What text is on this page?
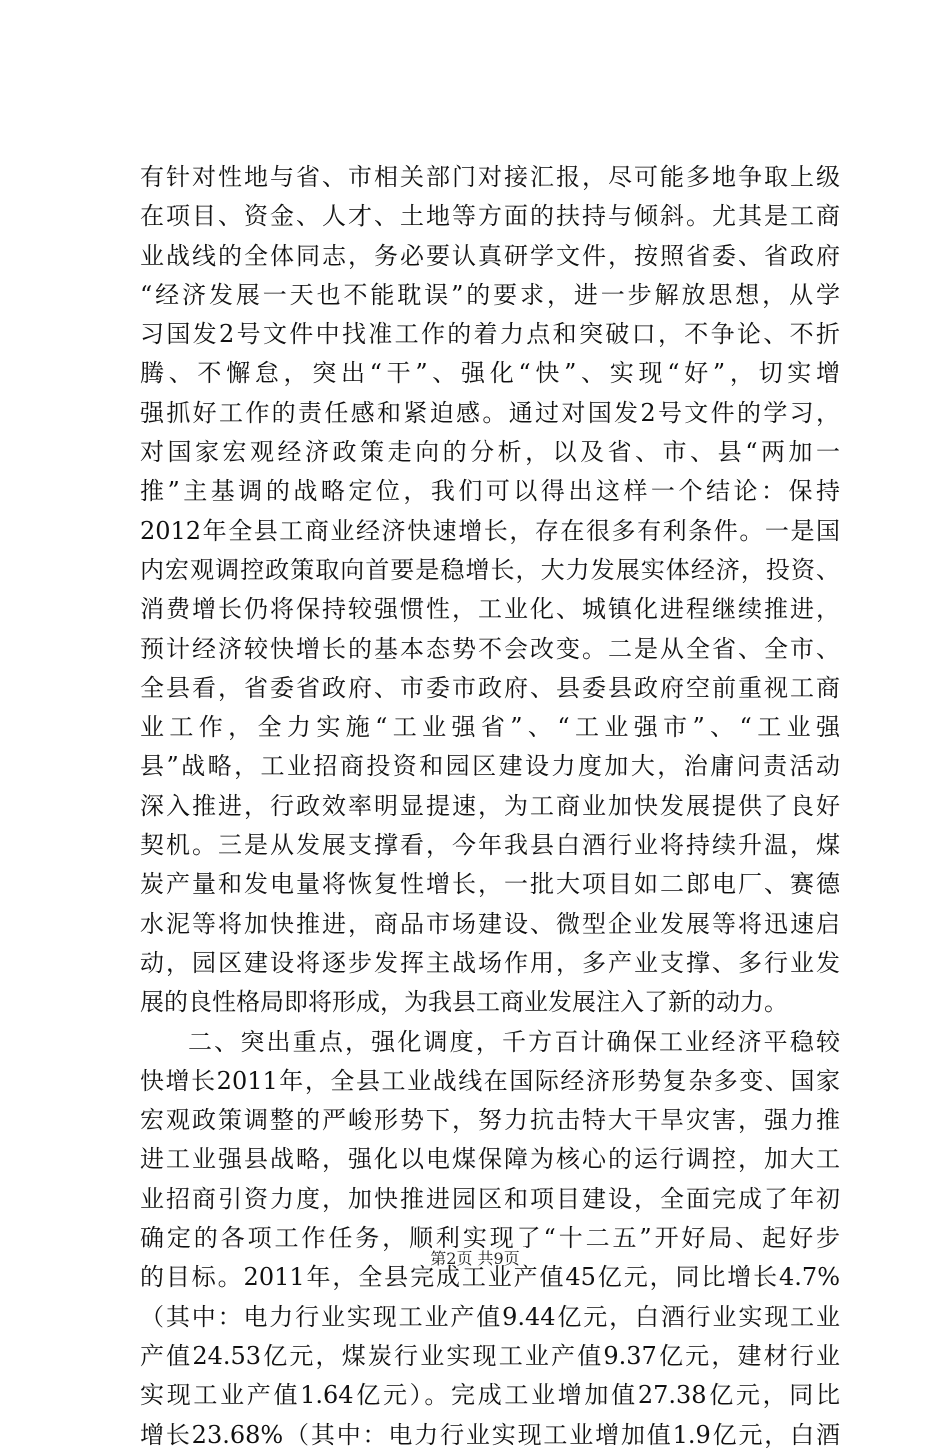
有针对性地与省、市相关部门对接汇报，尽可能多地争取上级
在项目、资金、人才、土地等方面的扶持与倾斜。尤其是工商
业战线的全体同志，务必要认真研学文件，按照省委、省政府
“经济发展一天也不能耽误”的要求，进一步解放思想，从学
习国发2号文件中找准工作的着力点和突破口，不争论、不折
腾、不懈怠，突出“干”、强化“快”、实现“好”，切实增
强抓好工作的责任感和紧迫感。通过对国发2号文件的学习，
对国家宏观经济政策走向的分析，以及省、市、县“两加一
推”主基调的战略定位，我们可以得出这样一个结论：保持
2012年全县工商业经济快速增长，存在很多有利条件。一是国
内宏观调控政策取向首要是稳增长，大力发展实体经济，投资、
消费增长仍将保持较强惯性，工业化、城镇化进程继续推进，
预计经济较快增长的基本态势不会改变。二是从全省、全市、
全县看，省委省政府、市委市政府、县委县政府空前重视工商
业工作，全力实施“工业强省”、“工业强市”、“工业强
县”战略，工业招商投资和园区建设力度加大，治庸问责活动
深入推进，行政效率明显提速，为工商业加快发展提供了良好
契机。三是从发展支撑看，今年我县白酒行业将持续升温，煤
炭产量和发电量将恢复性增长，一批大项目如二郎电厂、赛德
水泥等将加快推进，商品市场建设、微型企业发展等将迅速启
动，园区建设将逐步发挥主战场作用，多产业支撑、多行业发
展的良性格局即将形成，为我县工商业发展注入了新的动力。
二、突出重点，强化调度，千方百计确保工业经济平稳较
快增长2011年，全县工业战线在国际经济形势复杂多变、国家
宏观政策调整的严峻形势下，努力抗击特大干旱灾害，强力推
进工业强县战略，强化以电煤保障为核心的运行调控，加大工
业招商引资力度，加快推进园区和项目建设，全面完成了年初
确定的各项工作任务，顺利实现了“十二五”开好局、起好步
的目标。2011年，全县完成工业产值45亿元，同比增长4.7%
（其中：电力行业实现工业产值9.44亿元，白酒行业实现工业
产值24.53亿元，煤炭行业实现工业产值9.37亿元，建材行业
实现工业产值1.64亿元）。完成工业增加值27.38亿元，同比
增长23.68%（其中：电力行业实现工业增加值1.9亿元，白酒
第2页 共9页
